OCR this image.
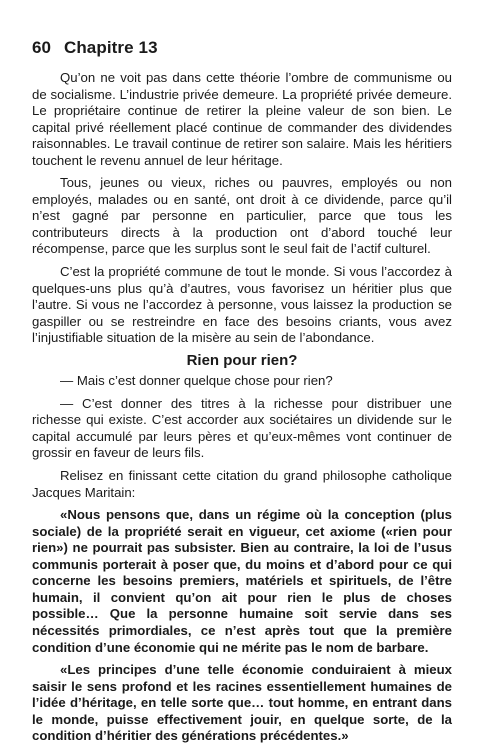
60 Chapitre 13

Qu’on ne voit pas dans cette théorie l’ombre de communisme ou de socialisme. L’industrie privée demeure. La propriété privée demeure. Le propriétaire continue de retirer la pleine valeur de son bien. Le capital privé réellement placé continue de commander des dividendes raisonnables. Le travail continue de retirer son salaire. Mais les héritiers touchent le revenu annuel de leur héritage.

Tous, jeunes ou vieux, riches ou pauvres, employés ou non employés, malades ou en santé, ont droit à ce dividende, parce qu’il n’est gagné par personne en particulier, parce que tous les contributeurs directs à la production ont d’abord touché leur récompense, parce que les surplus sont le seul fait de l’actif culturel.

C’est la propriété commune de tout le monde. Si vous l’accordez à quelques-uns plus qu’à d’autres, vous favorisez un héritier plus que l’autre. Si vous ne l’accordez à personne, vous laissez la production se gaspiller ou se restreindre en face des besoins criants, vous avez l’injustifiable situation de la misère au sein de l’abondance.

Rien pour rien?

— Mais c’est donner quelque chose pour rien?

— C’est donner des titres à la richesse pour distribuer une richesse qui existe. C’est accorder aux sociétaires un dividende sur le capital accumulé par leurs pères et qu’eux-mêmes vont continuer de grossir en faveur de leurs fils.

Relisez en finissant cette citation du grand philosophe catholique Jacques Maritain:

«Nous pensons que, dans un régime où la conception (plus sociale) de la propriété serait en vigueur, cet axiome («rien pour rien») ne pourrait pas subsister. Bien au contraire, la loi de l’usus communis porterait à poser que, du moins et d’abord pour ce qui concerne les besoins premiers, matériels et spirituels, de l’être humain, il convient qu’on ait pour rien le plus de choses possible… Que la personne humaine soit servie dans ses nécessités primordiales, ce n’est après tout que la première condition d’une économie qui ne mérite pas le nom de barbare.

«Les principes d’une telle économie conduiraient à mieux saisir le sens profond et les racines essentiellement humaines de l’idée d’héritage, en telle sorte que… tout homme, en entrant dans le monde, puisse effectivement jouir, en quelque sorte, de la condition d’héritier des générations précédentes.»
